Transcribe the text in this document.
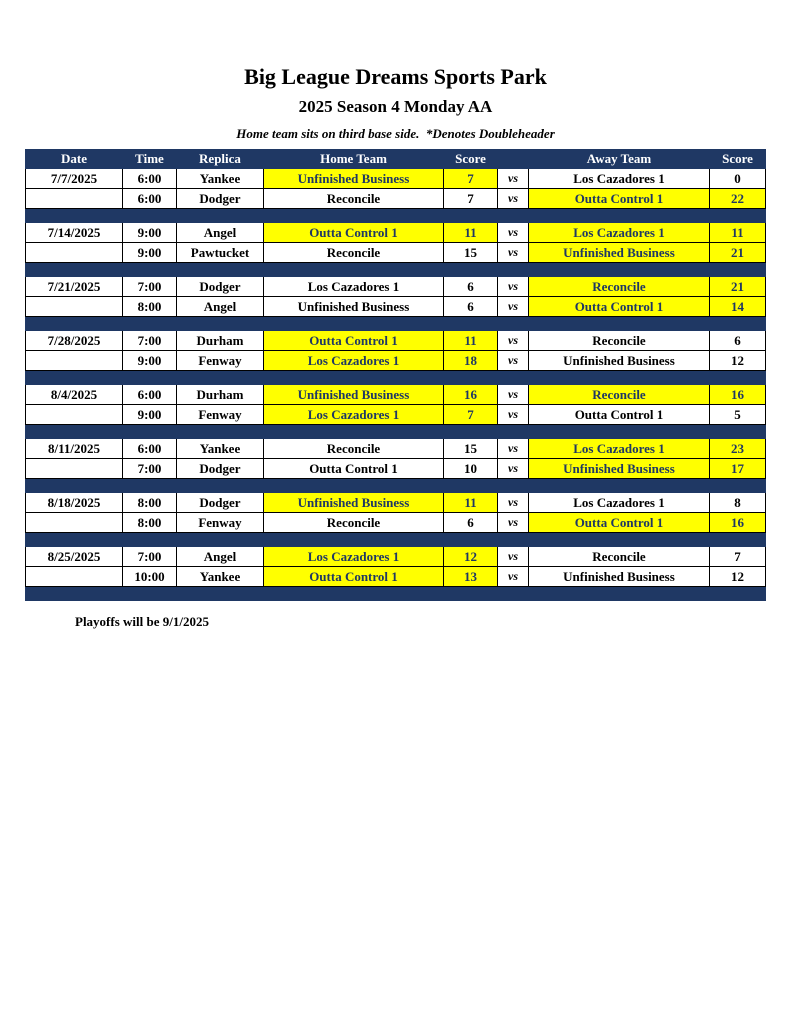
Big League Dreams Sports Park
2025 Season 4 Monday AA
Home team sits on third base side.  *Denotes Doubleheader
Date	Time	Replica	Home Team	Score		Away Team	Score
7/7/2025	6:00	Yankee	Unfinished Business	7	vs	Los Cazadores 1	0
	6:00	Dodger	Reconcile	7	vs	Outta Control 1	22

7/14/2025	9:00	Angel	Outta Control 1	11	vs	Los Cazadores 1	11
	9:00	Pawtucket	Reconcile	15	vs	Unfinished Business	21

7/21/2025	7:00	Dodger	Los Cazadores 1	6	vs	Reconcile	21
	8:00	Angel	Unfinished Business	6	vs	Outta Control 1	14

7/28/2025	7:00	Durham	Outta Control 1	11	vs	Reconcile	6
	9:00	Fenway	Los Cazadores 1	18	vs	Unfinished Business	12

8/4/2025	6:00	Durham	Unfinished Business	16	vs	Reconcile	16
	9:00	Fenway	Los Cazadores 1	7	vs	Outta Control 1	5

8/11/2025	6:00	Yankee	Reconcile	15	vs	Los Cazadores 1	23
	7:00	Dodger	Outta Control 1	10	vs	Unfinished Business	17

8/18/2025	8:00	Dodger	Unfinished Business	11	vs	Los Cazadores 1	8
	8:00	Fenway	Reconcile	6	vs	Outta Control 1	16

8/25/2025	7:00	Angel	Los Cazadores 1	12	vs	Reconcile	7
	10:00	Yankee	Outta Control 1	13	vs	Unfinished Business	12

Playoffs will be 9/1/2025
